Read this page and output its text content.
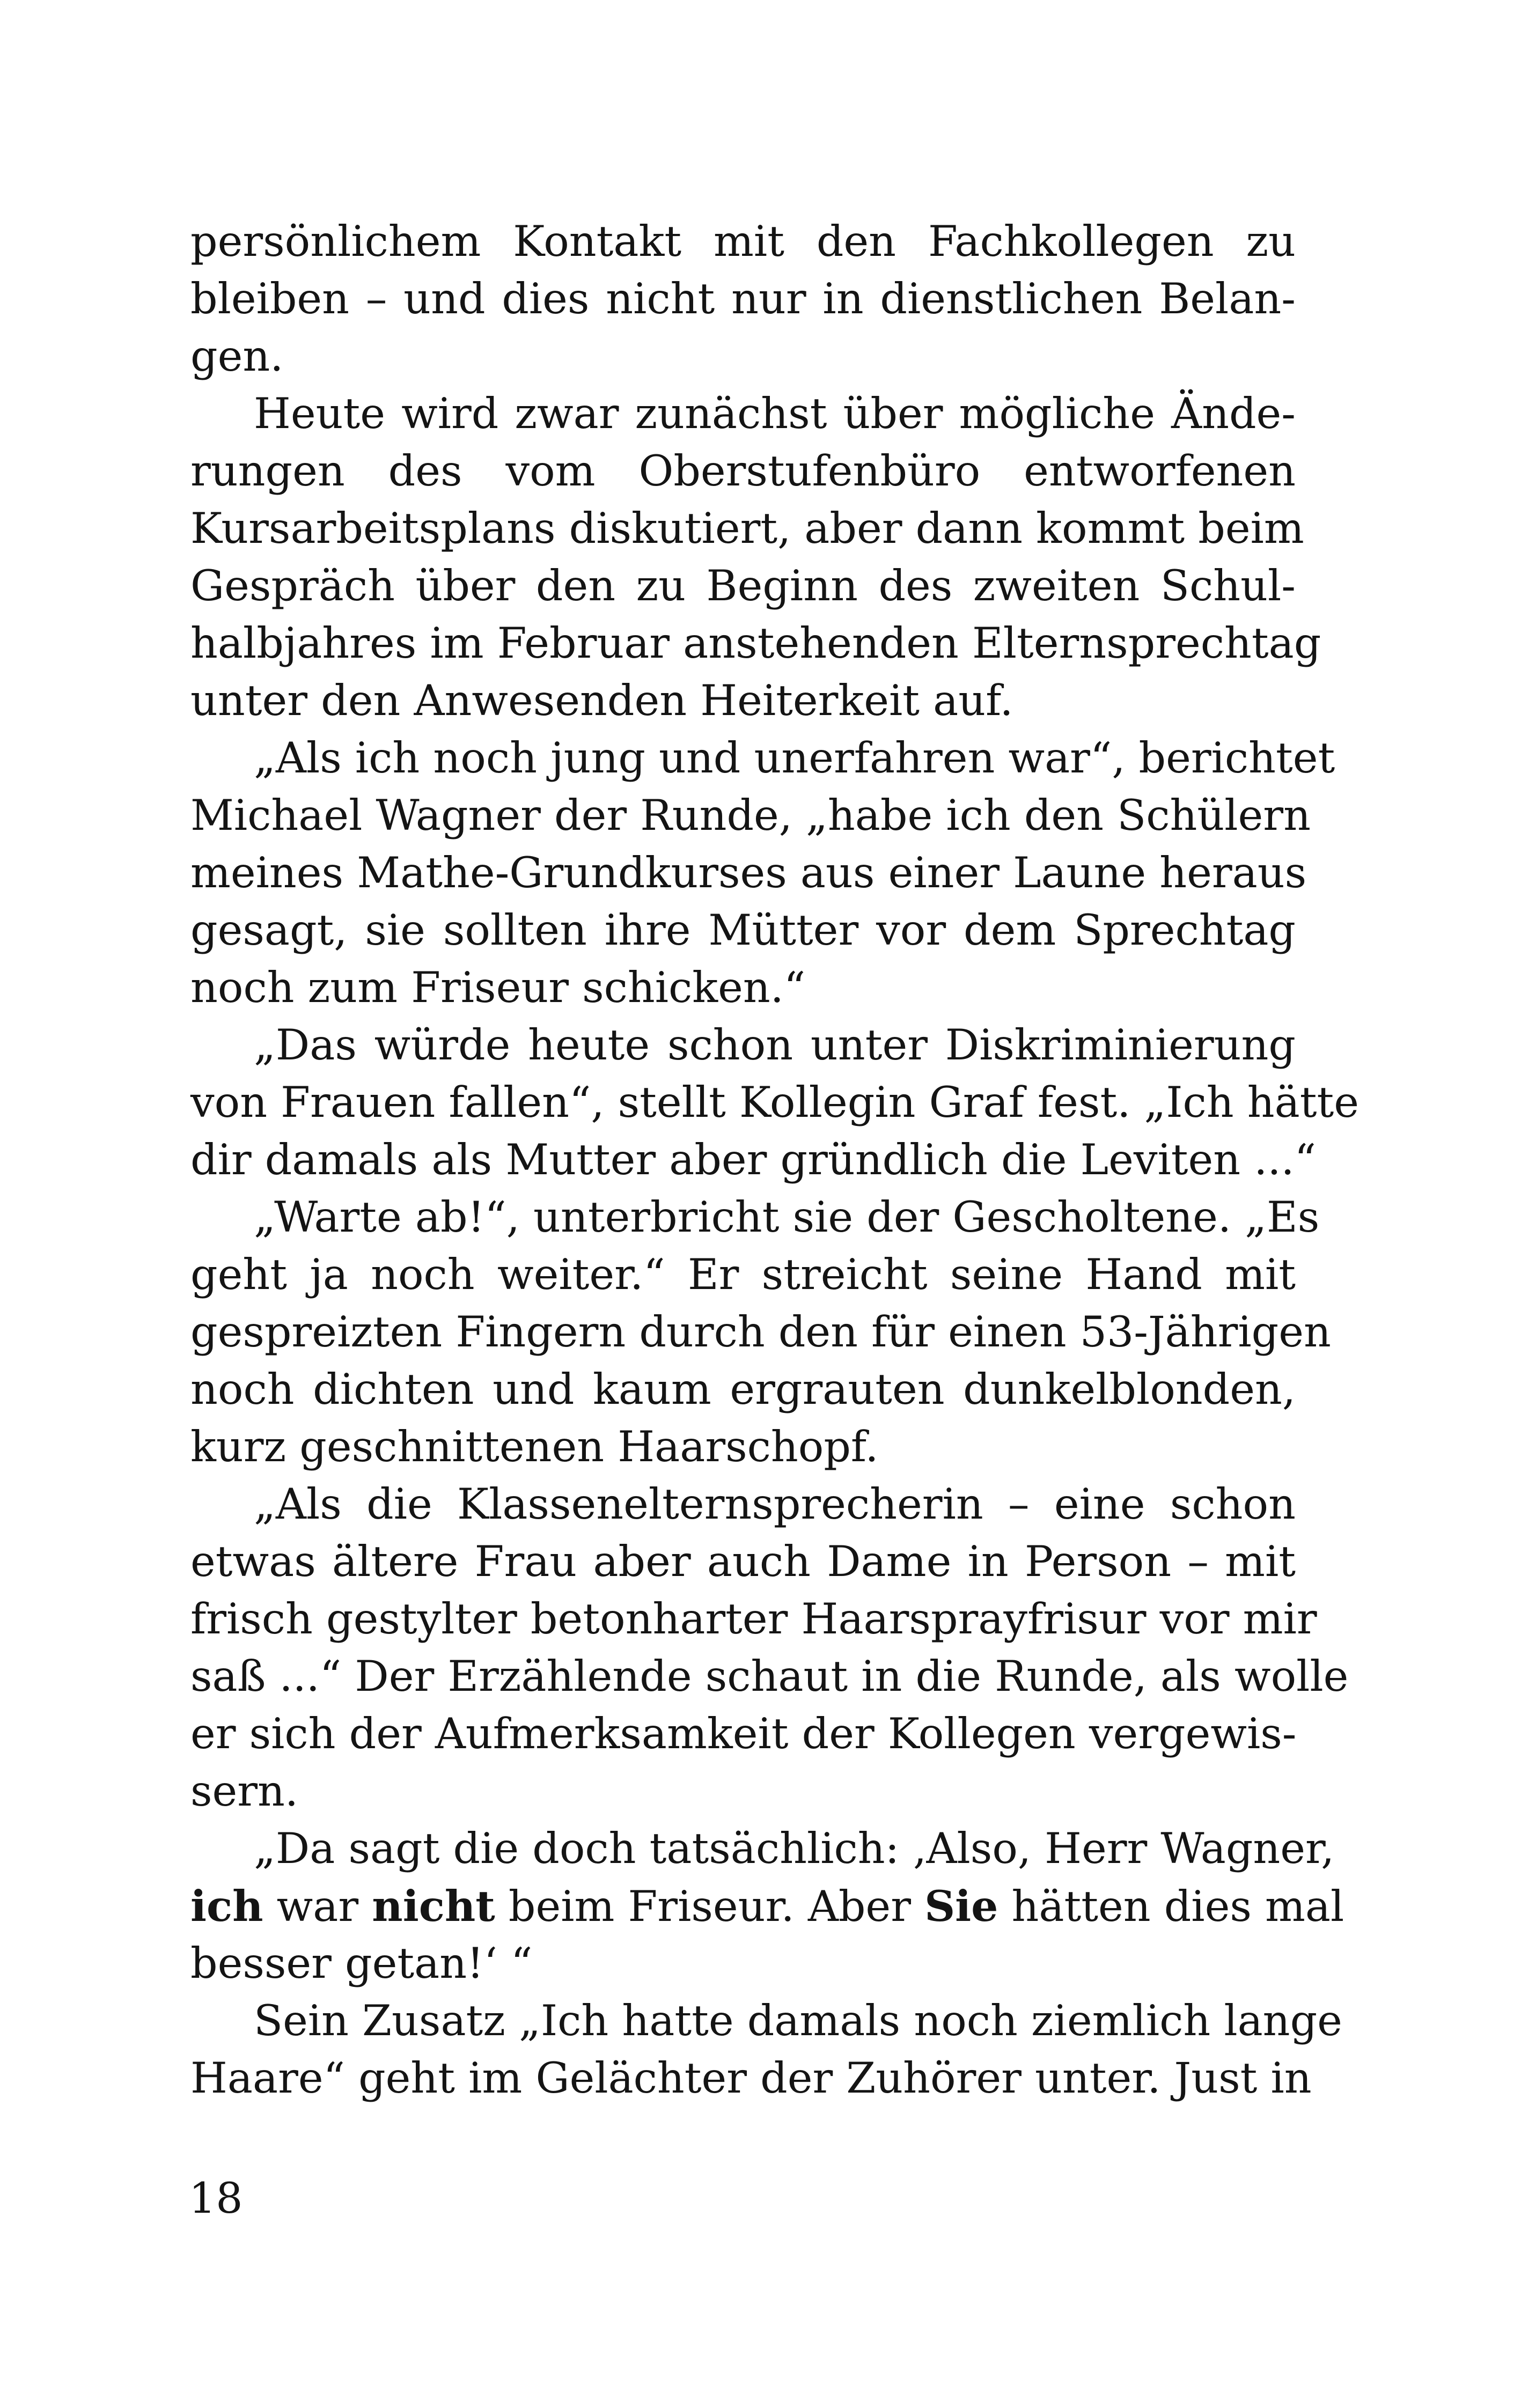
persönlichem Kontakt mit den Fachkollegen zu
bleiben – und dies nicht nur in dienstlichen Belan-
gen.
Heute wird zwar zunächst über mögliche Ände-
rungen des vom Oberstufenbüro entworfenen
Kursarbeitsplans diskutiert, aber dann kommt beim
Gespräch über den zu Beginn des zweiten Schul-
halbjahres im Februar anstehenden Elternsprechtag
unter den Anwesenden Heiterkeit auf.
„Als ich noch jung und unerfahren war“, berichtet
Michael Wagner der Runde, „habe ich den Schülern
meines Mathe-Grundkurses aus einer Laune heraus
gesagt, sie sollten ihre Mütter vor dem Sprechtag
noch zum Friseur schicken.“
„Das würde heute schon unter Diskriminierung
von Frauen fallen“, stellt Kollegin Graf fest. „Ich hätte
dir damals als Mutter aber gründlich die Leviten ...“
„Warte ab!“, unterbricht sie der Gescholtene. „Es
geht ja noch weiter.“ Er streicht seine Hand mit
gespreizten Fingern durch den für einen 53-Jährigen
noch dichten und kaum ergrauten dunkelblonden,
kurz geschnittenen Haarschopf.
„Als die Klassenelternsprecherin – eine schon
etwas ältere Frau aber auch Dame in Person – mit
frisch gestylter betonharter Haarsprayfrisur vor mir
saß ...“ Der Erzählende schaut in die Runde, als wolle
er sich der Aufmerksamkeit der Kollegen vergewis-
sern.
„Da sagt die doch tatsächlich: ‚Also, Herr Wagner,
ich war nicht beim Friseur. Aber Sie hätten dies mal
besser getan!‘ “
Sein Zusatz „Ich hatte damals noch ziemlich lange
Haare“ geht im Gelächter der Zuhörer unter. Just in
18
